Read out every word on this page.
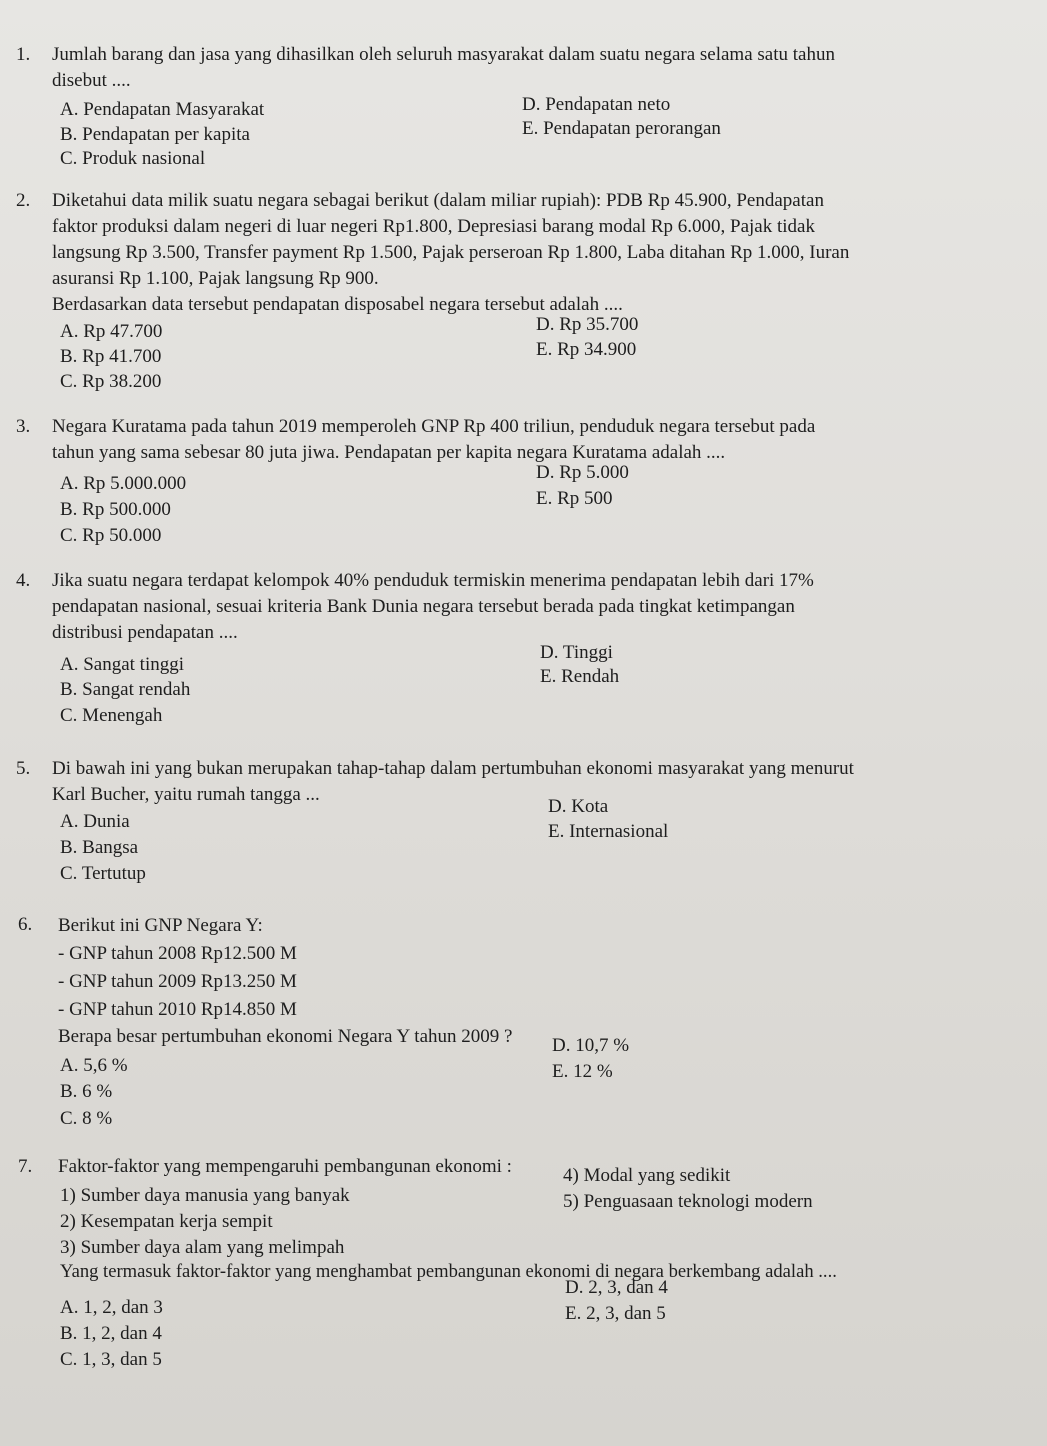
1. Jumlah barang dan jasa yang dihasilkan oleh seluruh masyarakat dalam suatu negara selama satu tahun
disebut ....
A. Pendapatan Masyarakat
B. Pendapatan per kapita
C. Produk nasional
D. Pendapatan neto
E. Pendapatan perorangan
2. Diketahui data milik suatu negara sebagai berikut (dalam miliar rupiah): PDB Rp 45.900, Pendapatan
faktor produksi dalam negeri di luar negeri Rp1.800, Depresiasi barang modal Rp 6.000, Pajak tidak
langsung Rp 3.500, Transfer payment Rp 1.500, Pajak perseroan Rp 1.800, Laba ditahan Rp 1.000, Iuran
asuransi Rp 1.100, Pajak langsung Rp 900.
Berdasarkan data tersebut pendapatan disposabel negara tersebut adalah ....
A. Rp 47.700
B. Rp 41.700
C. Rp 38.200
D. Rp 35.700
E. Rp 34.900
3. Negara Kuratama pada tahun 2019 memperoleh GNP Rp 400 triliun, penduduk negara tersebut pada
tahun yang sama sebesar 80 juta jiwa. Pendapatan per kapita negara Kuratama adalah ....
A. Rp 5.000.000
B. Rp 500.000
C. Rp 50.000
D. Rp 5.000
E. Rp 500
4. Jika suatu negara terdapat kelompok 40% penduduk termiskin menerima pendapatan lebih dari 17%
pendapatan nasional, sesuai kriteria Bank Dunia negara tersebut berada pada tingkat ketimpangan
distribusi pendapatan ....
A. Sangat tinggi
B. Sangat rendah
C. Menengah
D. Tinggi
E. Rendah
5. Di bawah ini yang bukan merupakan tahap-tahap dalam pertumbuhan ekonomi masyarakat yang menurut
Karl Bucher, yaitu rumah tangga ...
A. Dunia
B. Bangsa
C. Tertutup
D. Kota
E. Internasional
6. Berikut ini GNP Negara Y:
- GNP tahun 2008 Rp12.500 M
- GNP tahun 2009 Rp13.250 M
- GNP tahun 2010 Rp14.850 M
Berapa besar pertumbuhan ekonomi Negara Y tahun 2009 ?
A. 5,6 %
B. 6 %
C. 8 %
D. 10,7 %
E. 12 %
7. Faktor-faktor yang mempengaruhi pembangunan ekonomi :
1) Sumber daya manusia yang banyak
2) Kesempatan kerja sempit
3) Sumber daya alam yang melimpah
4) Modal yang sedikit
5) Penguasaan teknologi modern
Yang termasuk faktor-faktor yang menghambat pembangunan ekonomi di negara berkembang adalah ....
A. 1, 2, dan 3
B. 1, 2, dan 4
C. 1, 3, dan 5
D. 2, 3, dan 4
E. 2, 3, dan 5
